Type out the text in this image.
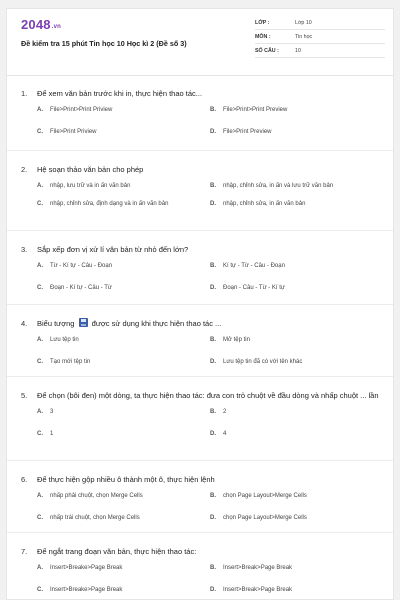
2048.vn
Đề kiểm tra 15 phút Tin học 10 Học kì 2 (Đề số 3)
LỚP :	Lớp 10
MÔN :	Tin học
SỐ CÂU :	10
1.	Để xem văn bản trước khi in, thực hiện thao tác...
A.	File>Print>Print Priview	B.	File>Print>Print Preview
C.	File>Print Priview	D.	File>Print Preview
2.	Hệ soạn thảo văn bản cho phép
A.	nhập, lưu trữ và in ấn văn bản	B.	nhập, chỉnh sửa, in ấn và lưu trữ văn bản
C.	nhập, chỉnh sửa, định dạng và in ấn văn bản	D.	nhập, chỉnh sửa, in ấn văn bản
3.	Sắp xếp đơn vị xử lí văn bản từ nhỏ đến lớn?
A.	Từ - Kí tự - Câu - Đoạn	B.	Kí tự - Từ - Câu - Đoạn
C.	Đoạn - Kí tự - Câu - Từ	D.	Đoạn - Câu - Từ - Kí tự
4.	Biểu tượng được sử dụng khi thực hiện thao tác ...
A.	Lưu tệp tin	B.	Mở tệp tin
C.	Tạo mới tệp tin	D.	Lưu tệp tin đã có với tên khác
5.	Để chọn (bôi đen) một dòng, ta thực hiện thao tác: đưa con trỏ chuột về đầu dòng và nhấp chuột ... lần
A.	3	B.	2
C.	1	D.	4
6.	Để thực hiện gộp nhiều ô thành một ô, thực hiện lệnh
A.	nhấp phải chuột, chọn Merge Cells	B.	chọn Page Layout>Merge Cells
C.	nhấp trái chuột, chọn Merge Cells	D.	chọn Page Layout>Merge Cells
7.	Để ngắt trang đoạn văn bản, thực hiện thao tác:
A.	Insert>Breake>Page Break	B.	Insert>Break>Page Break
C.	Insert>Breake>Page Break	D.	Insert>Break>Page Break
